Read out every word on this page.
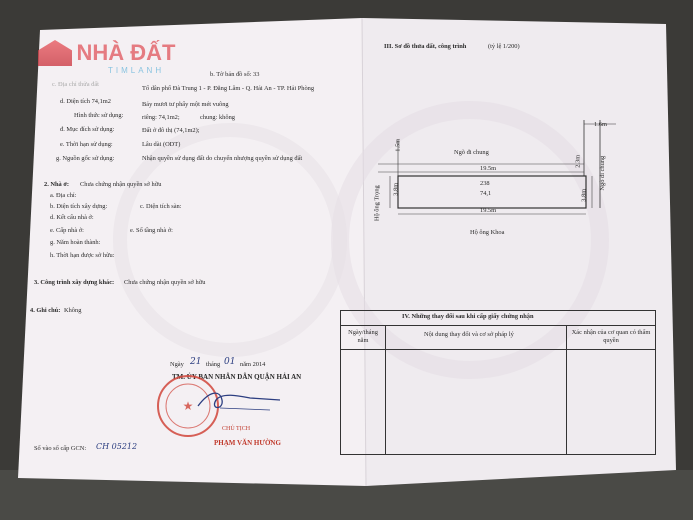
NHÀ ĐẤT
TIMLANH	b. Tờ bản đồ số: 33
c. Địa chỉ thửa đất
Tổ dân phố Đà Trung 1 - P. Đằng Lâm - Q. Hải An - TP. Hải Phòng
d. Diện tích 74,1m2	Bảy mươi tư phẩy một mét vuông
Hình thức sử dụng:	riêng: 74,1m2;	chung: không
đ. Mục đích sử dụng:	Đất ở đô thị (74,1m2);
e. Thời hạn sử dụng:	Lâu dài (ODT)
g. Nguồn gốc sử dụng:	Nhận quyền sử dụng đất do chuyển nhượng quyền sử dụng đất
2. Nhà ở: Chưa chứng nhận quyền sở hữu
a. Địa chỉ:
b. Diện tích xây dựng:	c. Diện tích sàn:
d. Kết cấu nhà ở:
e. Cấp nhà ở:	e. Số tầng nhà ở:
g. Năm hoàn thành:
h. Thời hạn được sở hữu:
3. Công trình xây dựng khác: Chưa chứng nhận quyền sở hữu
4. Ghi chú: Không
Ngày 21 tháng 01 năm 2014
TM. ỦY BAN NHÂN DÂN QUẬN HẢI AN
★
CHỦ TỊCH
PHẠM VĂN HƯỜNG
Số vào sổ cấp GCN: CH 05212
III. Sơ đồ thửa đất, công trình	(tỷ lệ 1/200)
Ngõ đi chung
1.6m
1.5m
2.3m
19.5m
238
74,1
3.8m	3.8m
19.5m
Hộ ông Trọng
Ngõ đi chung
Hộ ông Khoa
IV. Những thay đổi sau khi cấp giấy chứng nhận
Ngày/tháng năm
Nội dung thay đổi và cơ sở pháp lý	Xác nhận của cơ quan có thẩm quyền
